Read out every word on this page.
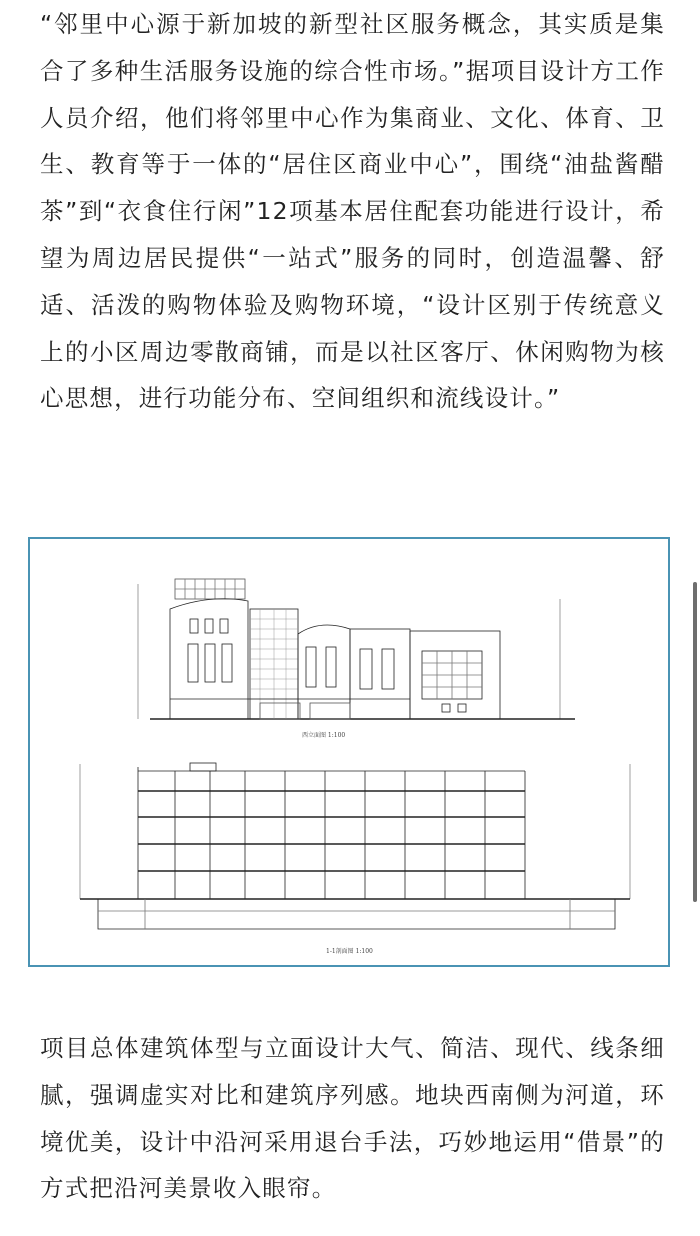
“邻里中心源于新加坡的新型社区服务概念，其实质是集合了多种生活服务设施的综合性市场。”据项目设计方工作人员介绍，他们将邻里中心作为集商业、文化、体育、卫生、教育等于一体的“居住区商业中心”，围绕“油盐酱醋茶”到“衣食住行闲”12项基本居住配套功能进行设计，希望为周边居民提供“一站式”服务的同时，创造温馨、舒适、活泼的购物体验及购物环境，“设计区别于传统意义上的小区周边零散商铺，而是以社区客厅、休闲购物为核心思想，进行功能分布、空间组织和流线设计。”
西立面图 1:100
1-1剖面图 1:100
项目总体建筑体型与立面设计大气、简洁、现代、线条细腻，强调虚实对比和建筑序列感。地块西南侧为河道，环境优美，设计中沿河采用退台手法，巧妙地运用“借景”的方式把沿河美景收入眼帘。
